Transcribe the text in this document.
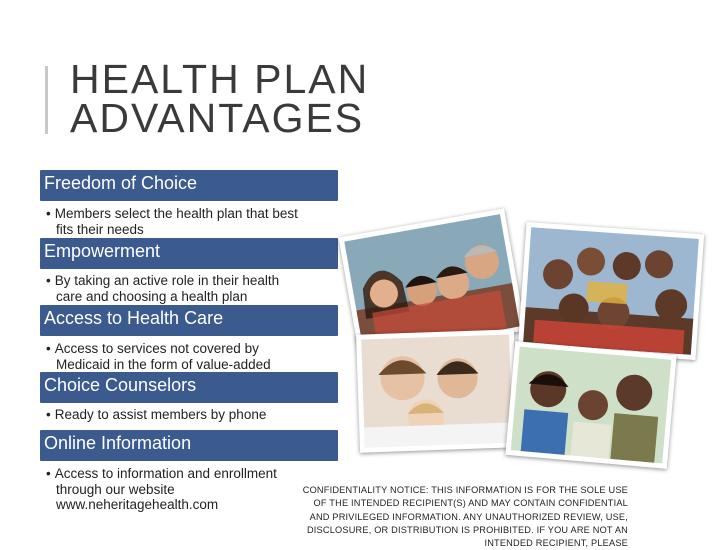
HEALTH PLAN
ADVANTAGES
Freedom of Choice
• Members select the health plan that best
fits their needs
Empowerment
• By taking an active role in their health
care and choosing a health plan
Access to Health Care
• Access to services not covered by
Medicaid in the form of value-added
Choice Counselors
• Ready to assist members by phone
Online Information
• Access to information and enrollment
through our website
www.neheritagehealth.com
CONFIDENTIALITY NOTICE: THIS INFORMATION IS FOR THE SOLE USE OF THE INTENDED RECIPIENT(S) AND MAY CONTAIN CONFIDENTIAL AND PRIVILEGED INFORMATION. ANY UNAUTHORIZED REVIEW, USE, DISCLOSURE, OR DISTRIBUTION IS PROHIBITED. IF YOU ARE NOT AN INTENDED RECIPIENT, PLEASE
